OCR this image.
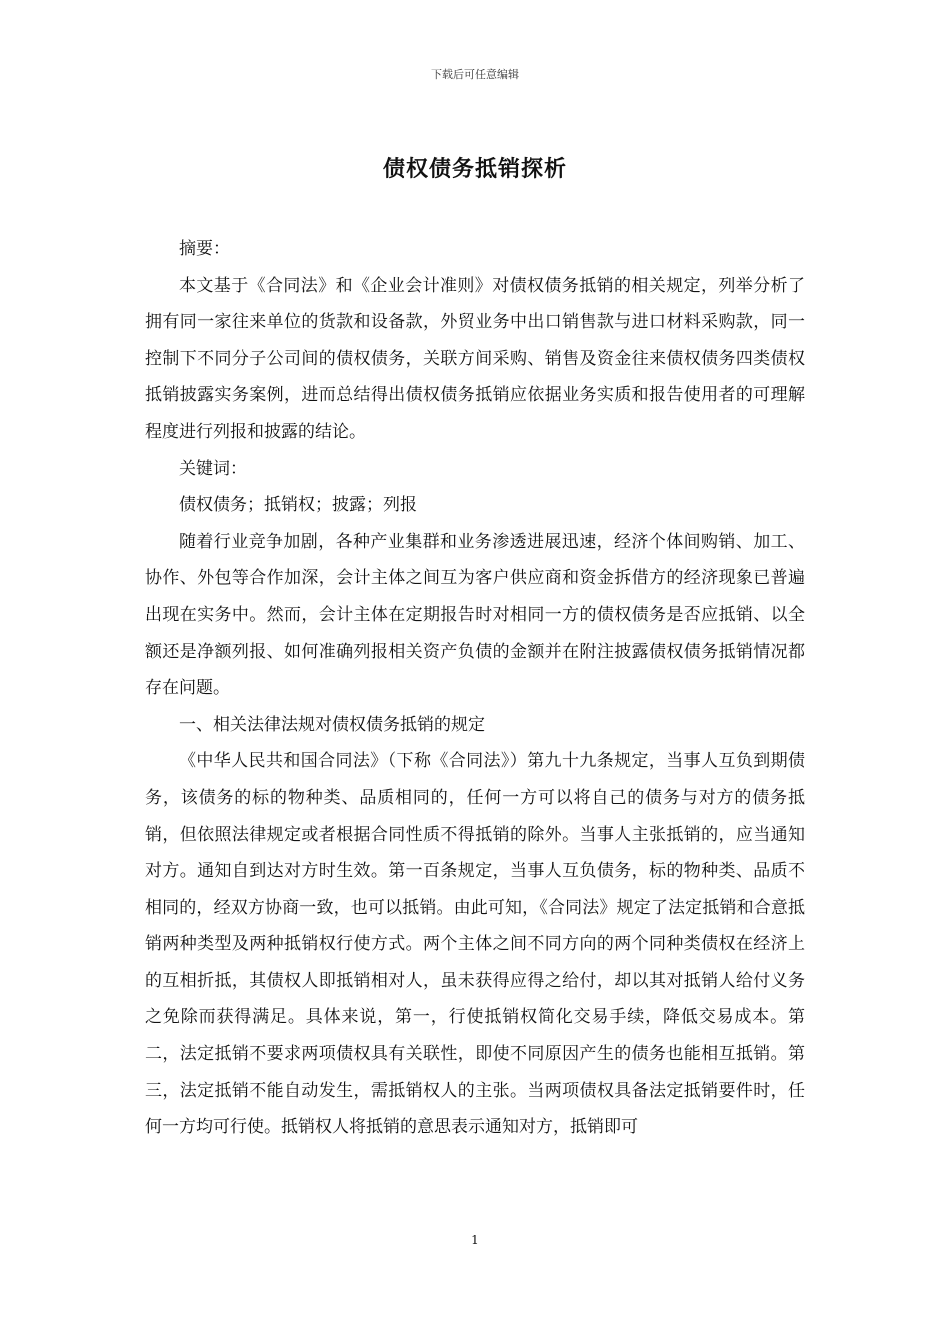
下载后可任意编辑
债权债务抵销探析

摘要：

本文基于《合同法》和《企业会计准则》对债权债务抵销的相关规定，列举分析了拥有同一家往来单位的货款和设备款，外贸业务中出口销售款与进口材料采购款，同一控制下不同分子公司间的债权债务，关联方间采购、销售及资金往来债权债务四类债权抵销披露实务案例，进而总结得出债权债务抵销应依据业务实质和报告使用者的可理解程度进行列报和披露的结论。

关键词：

债权债务；抵销权；披露；列报

随着行业竞争加剧，各种产业集群和业务渗透进展迅速，经济个体间购销、加工、协作、外包等合作加深，会计主体之间互为客户供应商和资金拆借方的经济现象已普遍出现在实务中。然而，会计主体在定期报告时对相同一方的债权债务是否应抵销、以全额还是净额列报、如何准确列报相关资产负债的金额并在附注披露债权债务抵销情况都存在问题。

一、相关法律法规对债权债务抵销的规定

《中华人民共和国合同法》（下称《合同法》）第九十九条规定，当事人互负到期债务，该债务的标的物种类、品质相同的，任何一方可以将自己的债务与对方的债务抵销，但依照法律规定或者根据合同性质不得抵销的除外。当事人主张抵销的，应当通知对方。通知自到达对方时生效。第一百条规定，当事人互负债务，标的物种类、品质不相同的，经双方协商一致，也可以抵销。由此可知，《合同法》规定了法定抵销和合意抵销两种类型及两种抵销权行使方式。两个主体之间不同方向的两个同种类债权在经济上的互相折抵，其债权人即抵销相对人，虽未获得应得之给付，却以其对抵销人给付义务之免除而获得满足。具体来说，第一，行使抵销权简化交易手续，降低交易成本。第二，法定抵销不要求两项债权具有关联性，即使不同原因产生的债务也能相互抵销。第三，法定抵销不能自动发生，需抵销权人的主张。当两项债权具备法定抵销要件时，任何一方均可行使。抵销权人将抵销的意思表示通知对方，抵销即可

1
